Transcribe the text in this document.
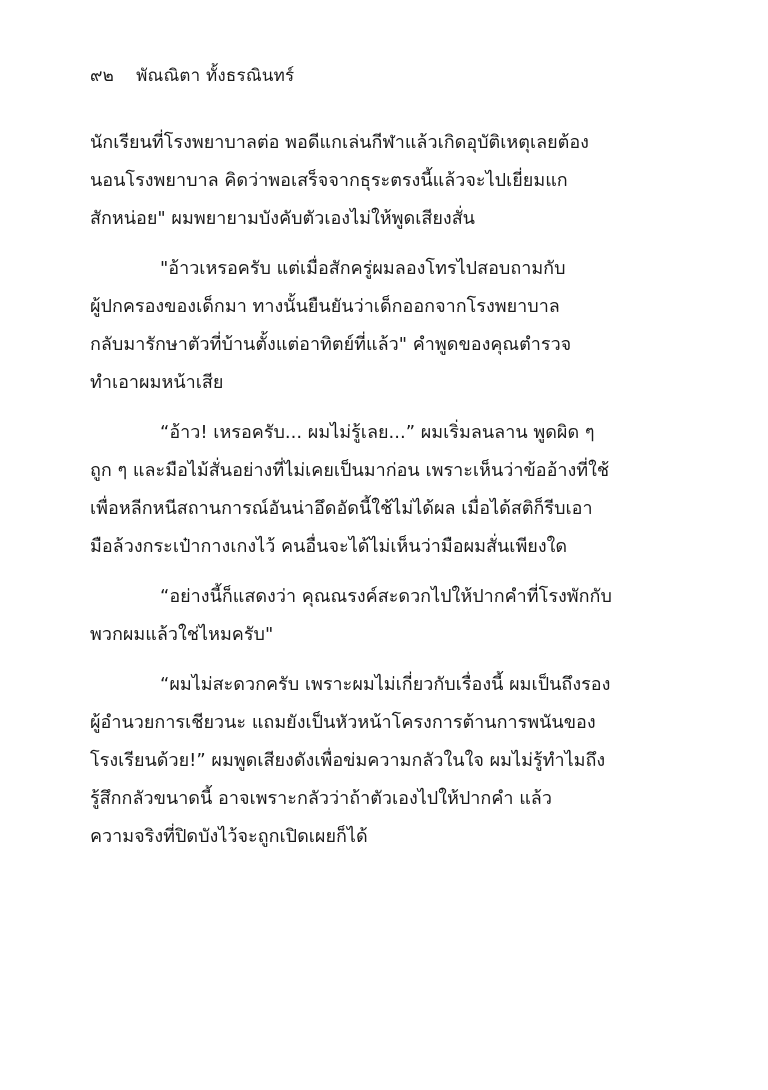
๙๒ พัณณิตา ทั้งธรณินทร์
นักเรียนที่โรงพยาบาลต่อ พอดีแกเล่นกีฬาแล้วเกิดอุบัติเหตุเลยต้อง
นอนโรงพยาบาล คิดว่าพอเสร็จจากธุระตรงนี้แล้วจะไปเยี่ยมแก
สักหน่อย" ผมพยายามบังคับตัวเองไม่ให้พูดเสียงสั่น
"อ้าวเหรอครับ แต่เมื่อสักครู่ผมลองโทรไปสอบถามกับ
ผู้ปกครองของเด็กมา ทางนั้นยืนยันว่าเด็กออกจากโรงพยาบาล
กลับมารักษาตัวที่บ้านตั้งแต่อาทิตย์ที่แล้ว" คำพูดของคุณตำรวจ
ทำเอาผมหน้าเสีย
“อ้าว! เหรอครับ... ผมไม่รู้เลย...” ผมเริ่มลนลาน พูดผิด ๆ
ถูก ๆ และมือไม้สั่นอย่างที่ไม่เคยเป็นมาก่อน เพราะเห็นว่าข้ออ้างที่ใช้
เพื่อหลีกหนีสถานการณ์อันน่าอึดอัดนี้ใช้ไม่ได้ผล เมื่อได้สติก็รีบเอา
มือล้วงกระเป๋ากางเกงไว้ คนอื่นจะได้ไม่เห็นว่ามือผมสั่นเพียงใด
“อย่างนี้ก็แสดงว่า คุณณรงค์สะดวกไปให้ปากคำที่โรงพักกับ
พวกผมแล้วใช่ไหมครับ"
“ผมไม่สะดวกครับ เพราะผมไม่เกี่ยวกับเรื่องนี้ ผมเป็นถึงรอง
ผู้อำนวยการเชียวนะ แถมยังเป็นหัวหน้าโครงการต้านการพนันของ
โรงเรียนด้วย!” ผมพูดเสียงดังเพื่อข่มความกลัวในใจ ผมไม่รู้ทำไมถึง
รู้สึกกลัวขนาดนี้ อาจเพราะกลัวว่าถ้าตัวเองไปให้ปากคำ แล้ว
ความจริงที่ปิดบังไว้จะถูกเปิดเผยก็ได้
